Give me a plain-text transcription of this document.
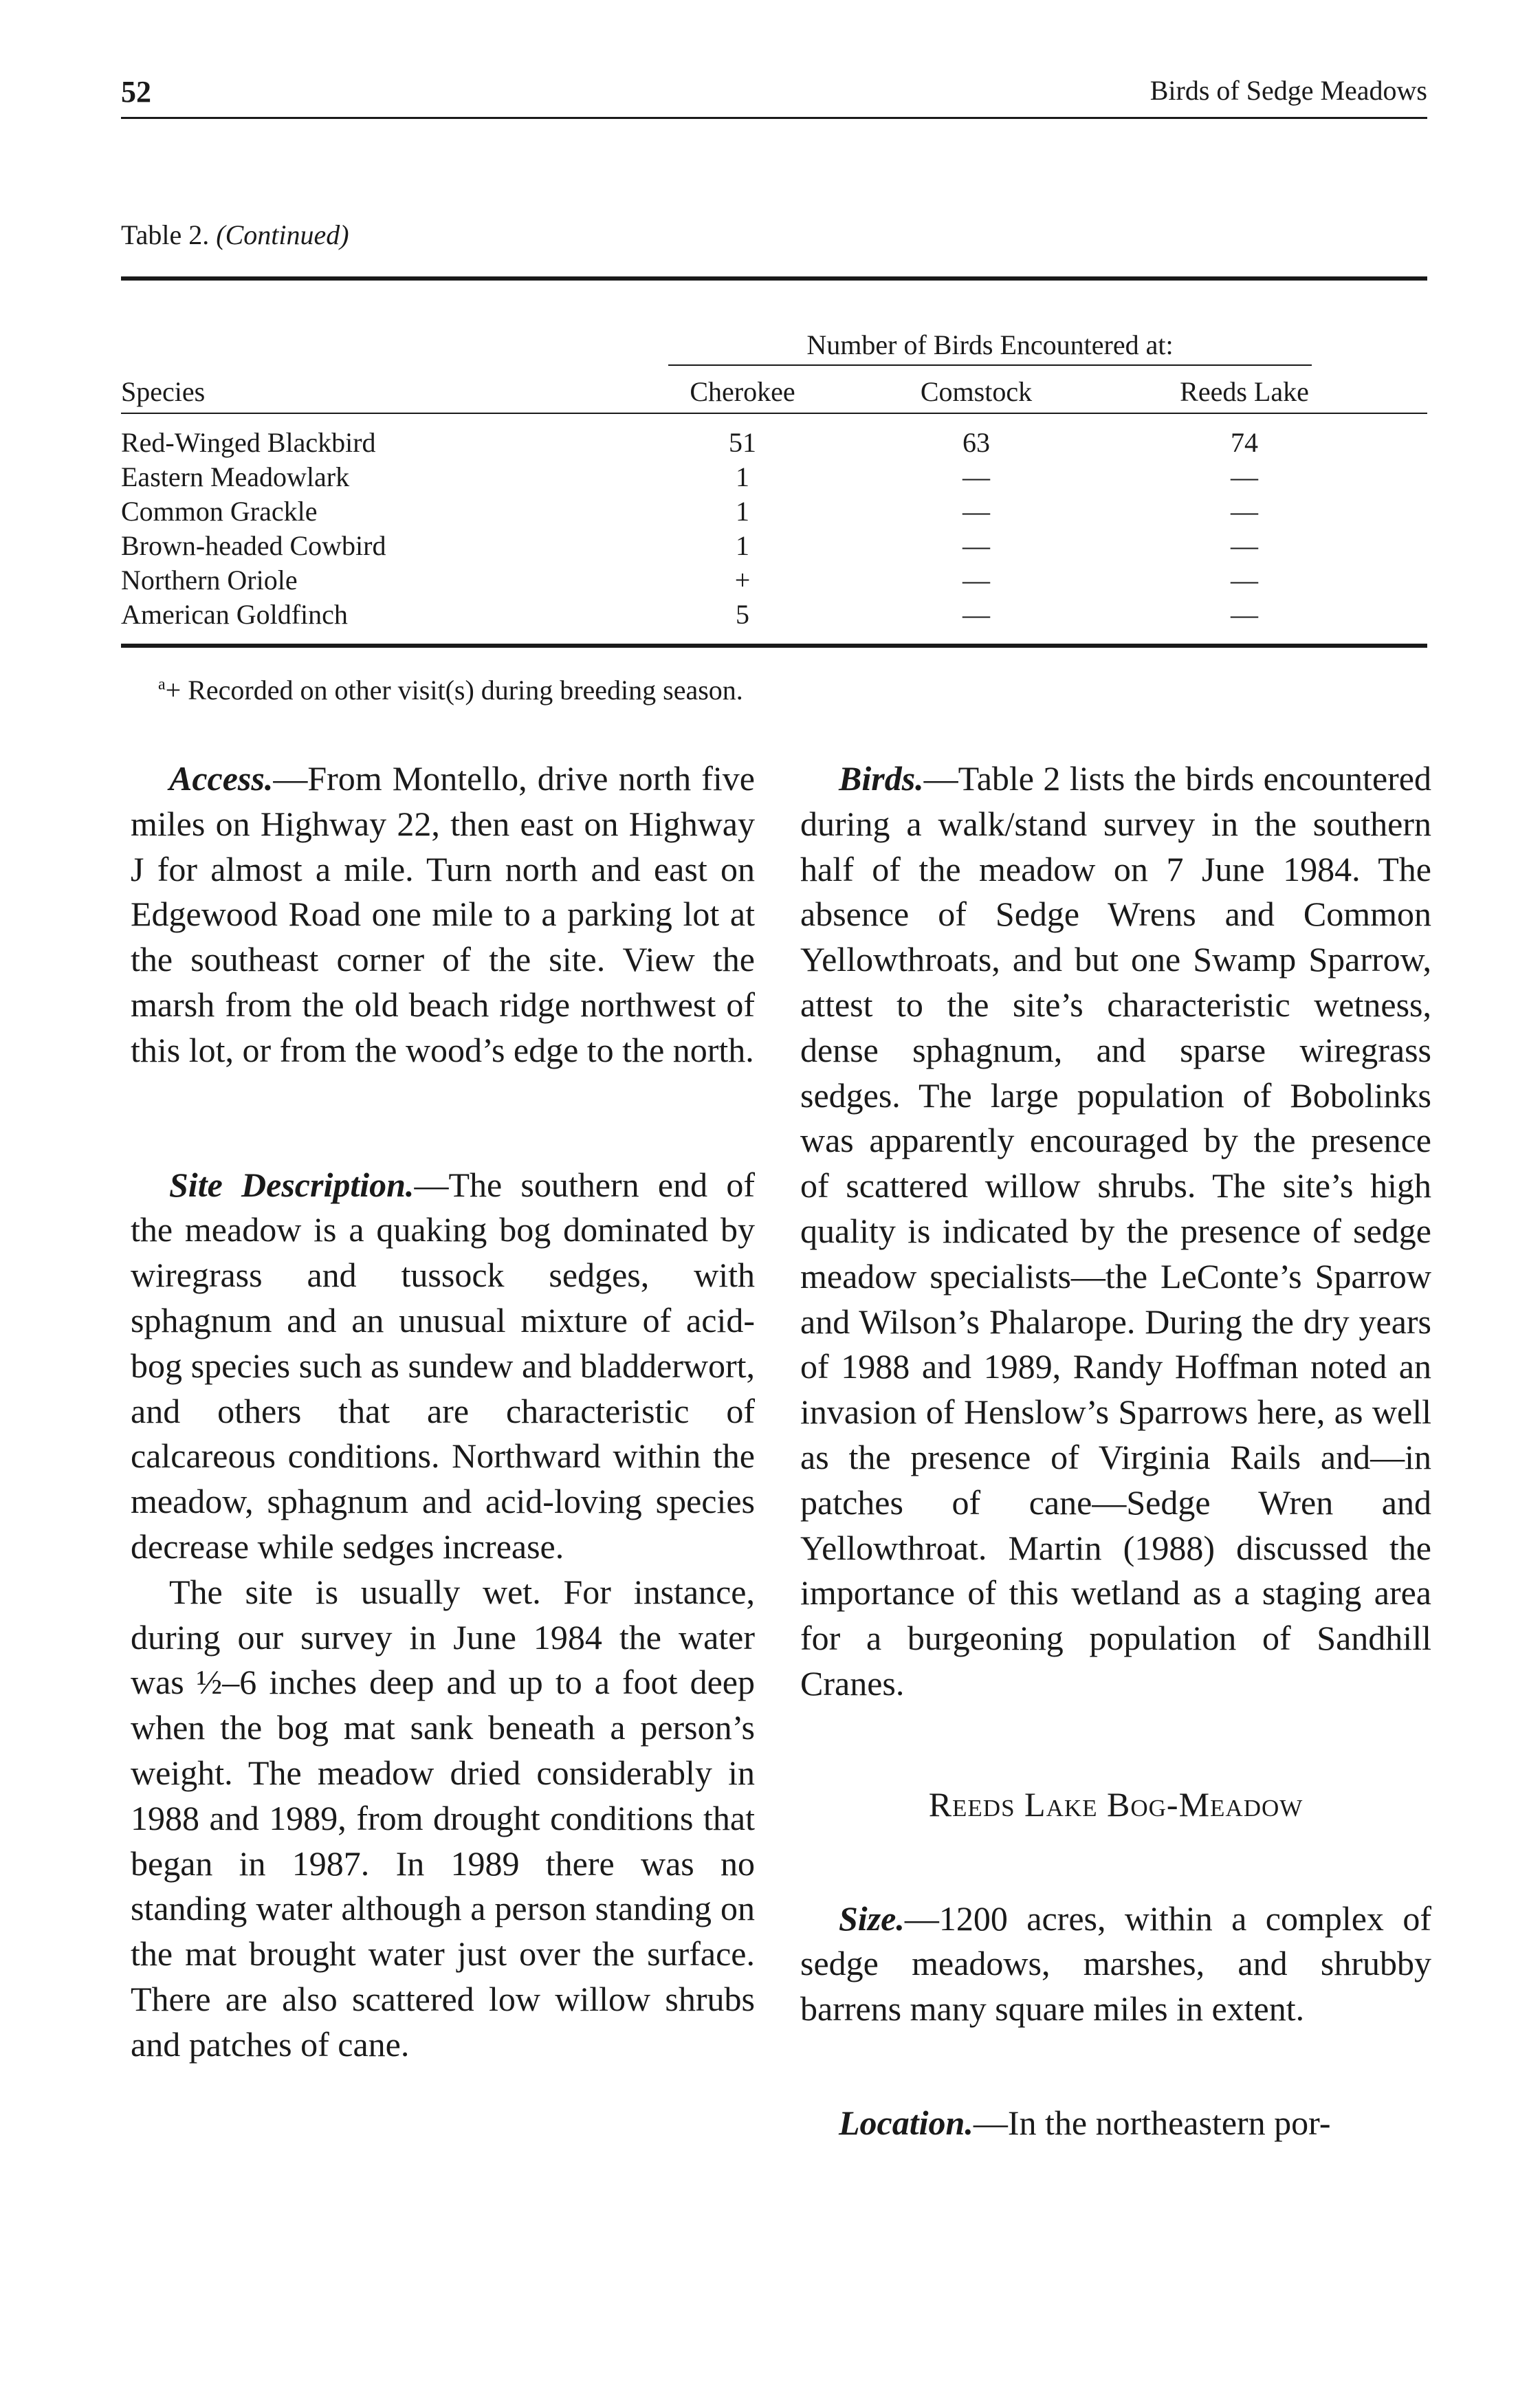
52	Birds of Sedge Meadows
Table 2. (Continued)
Number of Birds Encountered at:
Species	Cherokee	Comstock	Reeds Lake
Red-Winged Blackbird	51	63	74
Eastern Meadowlark	1	—	—
Common Grackle	1	—	—
Brown-headed Cowbird	1	—	—
Northern Oriole	+	—	—
American Goldfinch	5	—	—
$^a$+ Recorded on other visit(s) during breeding season.

Access.—From Montello, drive north five miles on Highway 22, then east on Highway J for almost a mile. Turn north and east on Edgewood Road one mile to a parking lot at the southeast corner of the site. View the marsh from the old beach ridge northwest of this lot, or from the wood’s edge to the north.

Site Description.—The southern end of the meadow is a quaking bog dominated by wiregrass and tussock sedges, with sphagnum and an unusual mixture of acid-bog species such as sundew and bladderwort, and others that are characteristic of calcareous conditions. Northward within the meadow, sphagnum and acid-loving species decrease while sedges increase.

The site is usually wet. For instance, during our survey in June 1984 the water was ½–6 inches deep and up to a foot deep when the bog mat sank beneath a person’s weight. The meadow dried considerably in 1988 and 1989, from drought conditions that began in 1987. In 1989 there was no standing water although a person standing on the mat brought water just over the surface. There are also scattered low willow shrubs and patches of cane.

Birds.—Table 2 lists the birds encountered during a walk/stand survey in the southern half of the meadow on 7 June 1984. The absence of Sedge Wrens and Common Yellowthroats, and but one Swamp Sparrow, attest to the site’s characteristic wetness, dense sphagnum, and sparse wiregrass sedges. The large population of Bobolinks was apparently encouraged by the presence of scattered willow shrubs. The site’s high quality is indicated by the presence of sedge meadow specialists—the LeConte’s Sparrow and Wilson’s Phalarope. During the dry years of 1988 and 1989, Randy Hoffman noted an invasion of Henslow’s Sparrows here, as well as the presence of Virginia Rails and—in patches of cane—Sedge Wren and Yellowthroat. Martin (1988) discussed the importance of this wetland as a staging area for a burgeoning population of Sandhill Cranes.

Reeds Lake Bog-Meadow

Size.—1200 acres, within a complex of sedge meadows, marshes, and shrubby barrens many square miles in extent.

Location.—In the northeastern por-
